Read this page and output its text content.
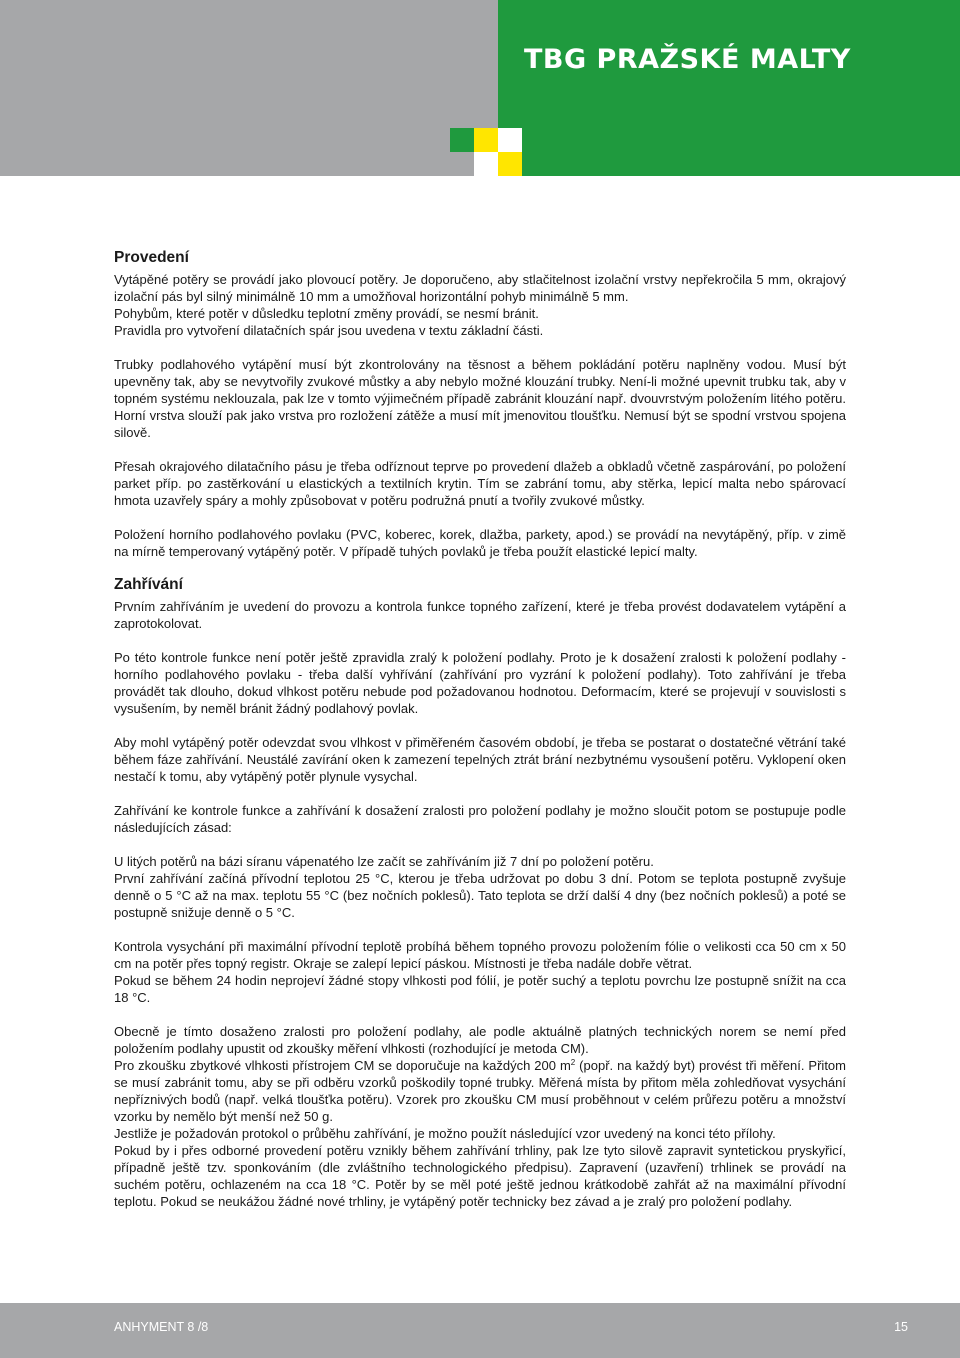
TBG PRAŽSKÉ MALTY
Provedení

Vytápěné potěry se provádí jako plovoucí potěry. Je doporučeno, aby stlačitelnost izolační vrstvy nepřekročila 5 mm, okrajový izolační pás byl silný minimálně 10 mm a umožňoval horizontální pohyb minimálně 5 mm.

Pohybům, které potěr v důsledku teplotní změny provádí, se nesmí bránit.

Pravidla pro vytvoření dilatačních spár jsou uvedena v textu základní části.

Trubky podlahového vytápění musí být zkontrolovány na těsnost a během pokládání potěru naplněny vodou. Musí být upevněny tak, aby se nevytvořily zvukové můstky a aby nebylo možné klouzání trubky. Není-li možné upevnit trubku tak, aby v topném systému neklouzala, pak lze v tomto výjimečném případě zabránit klouzání např. dvouvrstvým položením litého potěru. Horní vrstva slouží pak jako vrstva pro rozložení zátěže a musí mít jmenovitou tloušťku. Nemusí být se spodní vrstvou spojena silově.

Přesah okrajového dilatačního pásu je třeba odříznout teprve po provedení dlažeb a obkladů včetně zaspárování, po položení parket příp. po zastěrkování u elastických a textilních krytin. Tím se zabrání tomu, aby stěrka, lepicí malta nebo spárovací hmota uzavřely spáry a mohly způsobovat v potěru podružná pnutí a tvořily zvukové můstky.

Položení horního podlahového povlaku (PVC, koberec, korek, dlažba, parkety, apod.) se provádí na nevytápěný, příp. v zimě na mírně temperovaný vytápěný potěr. V případě tuhých povlaků je třeba použít elastické lepicí malty.

Zahřívání

Prvním zahříváním je uvedení do provozu a kontrola funkce topného zařízení, které je třeba provést dodavatelem vytápění a zaprotokolovat.

Po této kontrole funkce není potěr ještě zpravidla zralý k položení podlahy. Proto je k dosažení zralosti k položení podlahy - horního podlahového povlaku - třeba další vyhřívání (zahřívání pro vyzrání k položení podlahy). Toto zahřívání je třeba provádět tak dlouho, dokud vlhkost potěru nebude pod požadovanou hodnotou. Deformacím, které se projevují v souvislosti s vysušením, by neměl bránit žádný podlahový povlak.

Aby mohl vytápěný potěr odevzdat svou vlhkost v přiměřeném časovém období, je třeba se postarat o dostatečné větrání také během fáze zahřívání. Neustálé zavírání oken k zamezení tepelných ztrát brání nezbytnému vysoušení potěru. Vyklopení oken nestačí k tomu, aby vytápěný potěr plynule vysychal.

Zahřívání ke kontrole funkce a zahřívání k dosažení zralosti pro položení podlahy je možno sloučit potom se postupuje podle následujících zásad:

U litých potěrů na bázi síranu vápenatého lze začít se zahříváním již 7 dní po položení potěru.

První zahřívání začíná přívodní teplotou 25 °C, kterou je třeba udržovat po dobu 3 dní. Potom se teplota postupně zvyšuje denně o 5 °C až na max. teplotu 55 °C (bez nočních poklesů). Tato teplota se drží další 4 dny (bez nočních poklesů) a poté se postupně snižuje denně o 5 °C.

Kontrola vysychání při maximální přívodní teplotě probíhá během topného provozu položením fólie o velikosti cca 50 cm x 50 cm na potěr přes topný registr. Okraje se zalepí lepicí páskou. Místnosti je třeba nadále dobře větrat.

Pokud se během 24 hodin neprojeví žádné stopy vlhkosti pod fólií, je potěr suchý a teplotu povrchu lze postupně snížit na cca 18 °C.

Obecně je tímto dosaženo zralosti pro položení podlahy, ale podle aktuálně platných technických norem se nemí před položením podlahy upustit od zkoušky měření vlhkosti (rozhodující je metoda CM).

Pro zkoušku zbytkové vlhkosti přístrojem CM se doporučuje na každých 200 $m^2$ (popř. na každý byt) provést tři měření. Přitom se musí zabránit tomu, aby se při odběru vzorků poškodily topné trubky. Měřená místa by přitom měla zohledňovat vysychání nepříznivých bodů (např. velká tloušťka potěru). Vzorek pro zkoušku CM musí proběhnout v celém průřezu potěru a množství vzorku by nemělo být menší než 50 g.

Jestliže je požadován protokol o průběhu zahřívání, je možno použít následující vzor uvedený na konci této přílohy.

Pokud by i přes odborné provedení potěru vznikly během zahřívání trhliny, pak lze tyto silově zapravit syntetickou pryskyřicí, případně ještě tzv. sponkováním (dle zvláštního technologického předpisu). Zapravení (uzavření) trhlinek se provádí na suchém potěru, ochlazeném na cca 18 °C. Potěr by se měl poté ještě jednou krátkodobě zahřát až na maximální přívodní teplotu. Pokud se neukážou žádné nové trhliny, je vytápěný potěr technicky bez závad a je zralý pro položení podlahy.

ANHYMENT 8 /8	15
